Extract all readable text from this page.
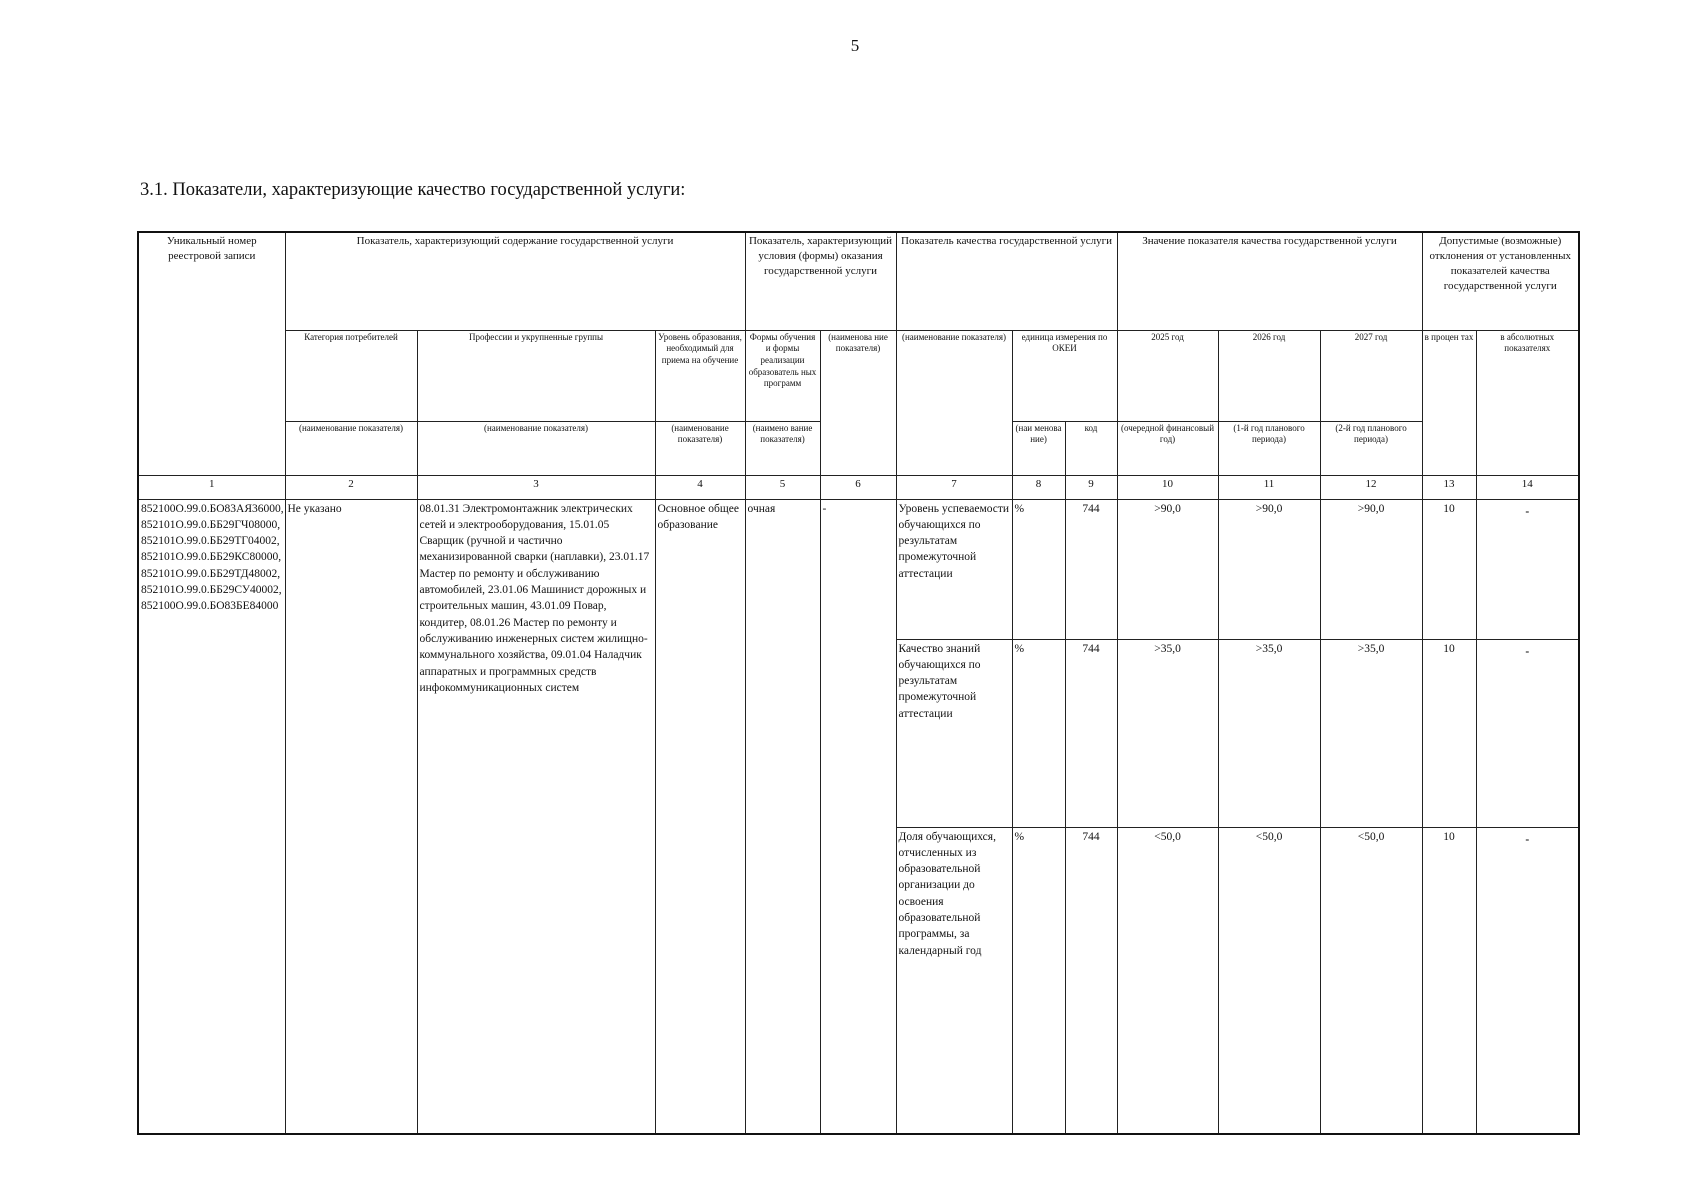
5
3.1. Показатели, характеризующие качество государственной услуги:
Уникальный номер реестровой записи	Показатель, характеризующий содержание государственной услуги			Показатель, характеризующий условия (формы) оказания государственной услуги		Показатель качества государственной услуги			Значение показателя качества государственной услуги			Допустимые (возможные) отклонения от установленных показателей качества государственной услуги	
	Категория потребителей	Профессии и укрупненные группы	Уровень образования, необходимый для приема на обучение	Формы обучения и формы реализации образователь ных программ	(наименова ние показателя)	(наименование показателя)	единица измерения по ОКЕИ		2025 год	2026 год	2027 год	в процен тах	в абсолютных показателях
	(наименование показателя)	(наименование показателя)	(наименование показателя)	(наимено вание показателя)			(наи менова ние)	код	(очередной финансовый год)	(1-й год планового периода)	(2-й год планового периода)		
1	2	3	4	5	6	7	8	9	10	11	12	13	14
852100О.99.0.БО83АЯ36000, 852101О.99.0.ББ29ГЧ08000, 852101О.99.0.ББ29ТГ04002, 852101О.99.0.ББ29КС80000, 852101О.99.0.ББ29ТД48002, 852101О.99.0.ББ29СУ40002, 852100О.99.0.БО83БЕ84000	Не указано	08.01.31 Электромонтажник электрических сетей и электрооборудования, 15.01.05 Сварщик (ручной и частично механизированной сварки (наплавки), 23.01.17 Мастер по ремонту и обслуживанию автомобилей, 23.01.06 Машинист дорожных и строительных машин, 43.01.09 Повар, кондитер, 08.01.26 Мастер по ремонту и обслуживанию инженерных систем жилищно-коммунального хозяйства, 09.01.04 Наладчик аппаратных и программных средств инфокоммуникационных систем	Основное общее образование	очная	-	Уровень успеваемости обучающихся по результатам промежуточной аттестации	%	744	>90,0	>90,0	>90,0	10	-

						Качество знаний обучающихся по результатам промежуточной аттестации	%	744	>35,0	>35,0	>35,0	10	-

						Доля обучающихся, отчисленных из образовательной организации до освоения образовательной программы, за календарный год	%	744	<50,0	<50,0	<50,0	10	-
